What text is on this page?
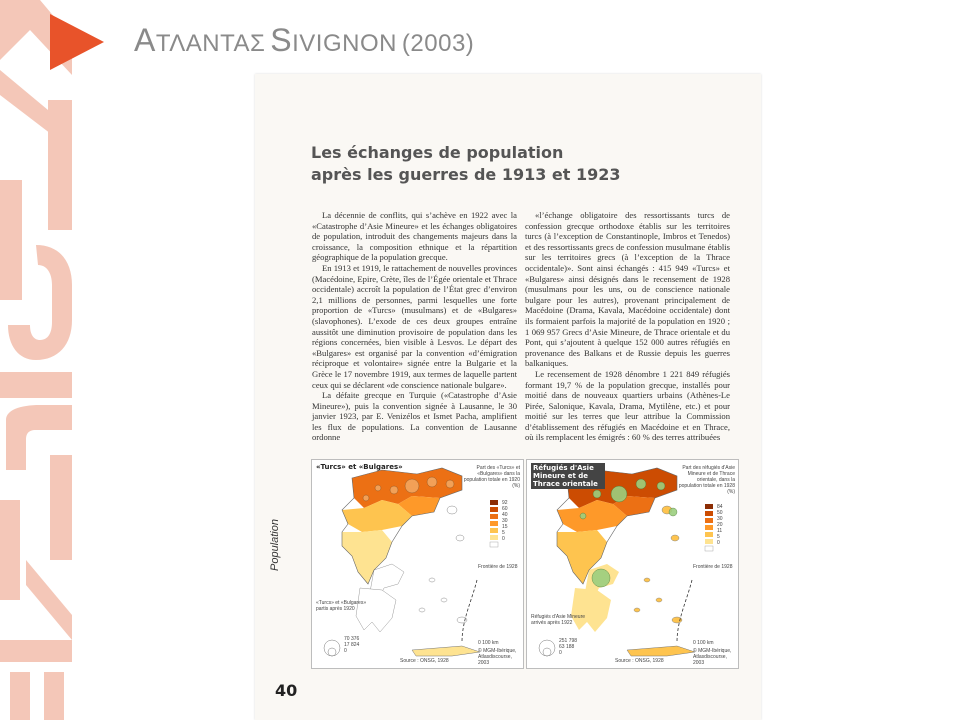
ΑΤΛΑΝΤΑΣ SIVIGNON (2003)
Les échanges de population
après les guerres de 1913 et 1923

La décennie de conflits, qui s’achève en 1922 avec la «Catastrophe d’Asie Mineure» et les échanges obligatoires de population, introduit des changements majeurs dans la croissance, la composition ethnique et la répartition géographique de la population grecque.

En 1913 et 1919, le rattachement de nouvelles provinces (Macédoine, Epire, Crète, îles de l’Égée orientale et Thrace occidentale) accroît la population de l’État grec d’environ 2,1 millions de personnes, parmi lesquelles une forte proportion de «Turcs» (musulmans) et de «Bulgares» (slavophones). L’exode de ces deux groupes entraîne aussitôt une diminution provisoire de population dans les régions concernées, bien visible à Lesvos. Le départ des «Bulgares» est organisé par la convention «d’émigration réciproque et volontaire» signée entre la Bulgarie et la Grèce le 17 novembre 1919, aux termes de laquelle partent ceux qui se déclarent «de conscience nationale bulgare».

La défaite grecque en Turquie («Catastrophe d’Asie Mineure»), puis la convention signée à Lausanne, le 30 janvier 1923, par E. Venizélos et Ismet Pacha, amplifient les flux de populations. La convention de Lausanne ordonne

«l’échange obligatoire des ressortissants turcs de confession grecque orthodoxe établis sur les territoires turcs (à l’exception de Constantinople, Imbros et Tenedos) et des ressortissants grecs de confession musulmane établis sur les territoires grecs (à l’exception de la Thrace occidentale)». Sont ainsi échangés : 415 949 «Turcs» et «Bulgares» ainsi désignés dans le recensement de 1928 (musulmans pour les uns, ou de conscience nationale bulgare pour les autres), provenant principalement de Macédoine (Drama, Kavala, Macédoine occidentale) dont ils formaient parfois la majorité de la population en 1920 ; 1 069 957 Grecs d’Asie Mineure, de Thrace orientale et du Pont, qui s’ajoutent à quelque 152 000 autres réfugiés en provenance des Balkans et de Russie depuis les guerres balkaniques.

Le recensement de 1928 dénombre 1 221 849 réfugiés formant 19,7 % de la population grecque, installés pour moitié dans de nouveaux quartiers urbains (Athènes-Le Pirée, Salonique, Kavala, Drama, Mytilène, etc.) et pour moitié sur les terres que leur attribue la Commission d’établissement des réfugiés en Macédoine et en Thrace, où ils remplacent les émigrés : 60 % des terres attribuées

«Turcs» et «Bulgares»	Part des «Turcs» et «Bulgares» dans la population totale en 1920 (%)
92
60
40
30
15
5
0
Frontière de 1928
«Turcs» et «Bulgares» partis après 1920
70 376
17 824
0
0 100 km
© MGM-Ibérique, Atlasdiscourse, 2003
Source : ONSG, 1928
Réfugiés d'Asie Mineure et de Thrace orientale
Part des réfugiés d'Asie Mineure et de Thrace orientale, dans la population totale en 1928 (%)
84
50
30
20
11
5
0
Frontière de 1928
Réfugiés d'Asie Mineure arrivés après 1922
251 798
63 188
0
0 100 km
© MGM-Ibérique, Atlasdiscourse, 2003
Source : ONSG, 1928
Population
40
